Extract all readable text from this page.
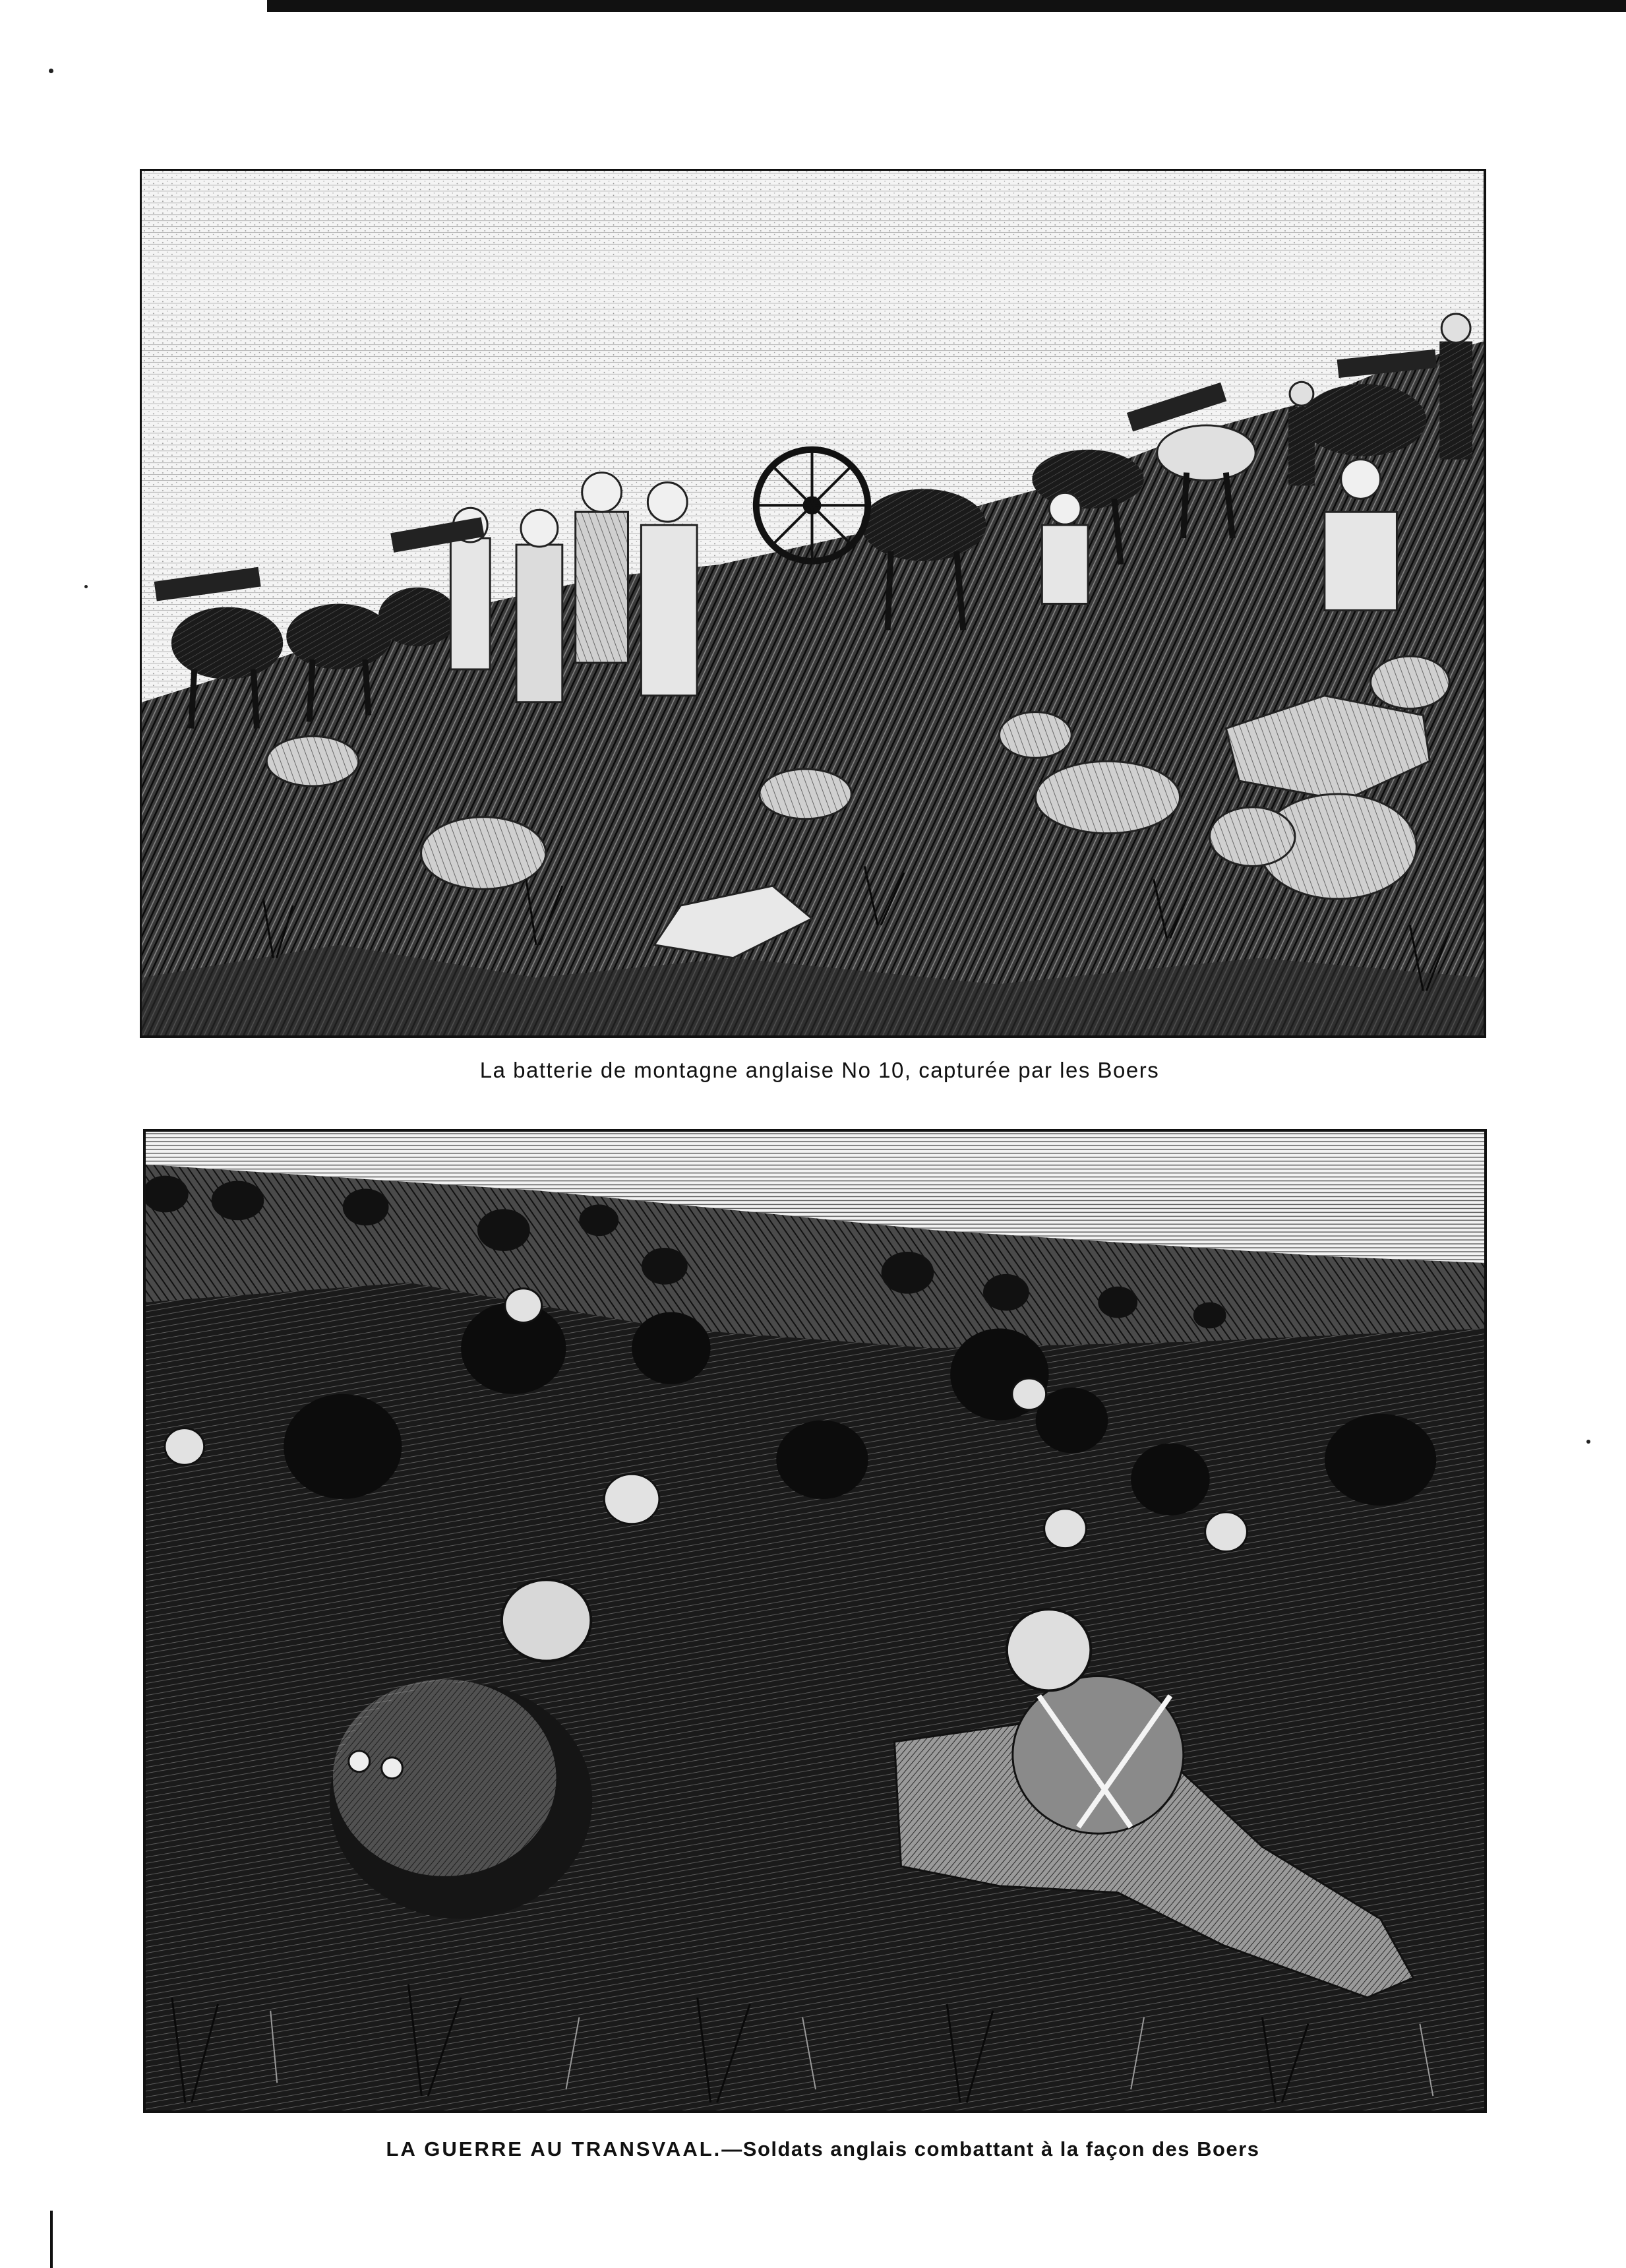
La batterie de montagne anglaise No 10, capturée par les Boers
LA GUERRE AU TRANSVAAL.—Soldats anglais combattant à la façon des Boers
